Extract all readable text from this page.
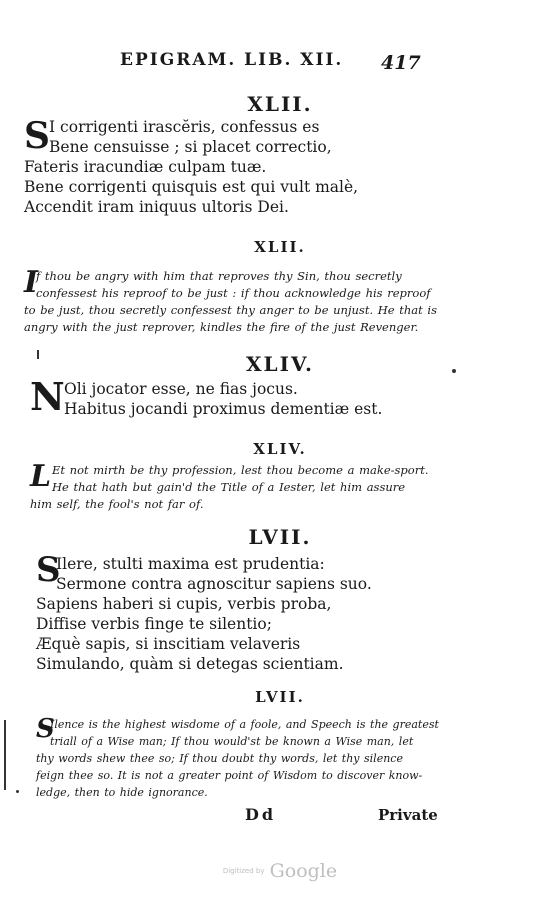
EPIGRAM. LIB. XII. 417
XLII.
S I corrigenti irascĕris, confessus es
Bene censuisse ; si placet correctio,
Fateris iracundiæ culpam tuæ.
Bene corrigenti quisquis est qui vult malè,
Accendit iram iniquus ultoris Dei.
XLII.
I
f thou be angry with him that reproves thy Sin, thou secretly
confessest his reproof to be just : if thou acknowledge his reproof
to be just, thou secretly confessest thy anger to be unjust. He that is
angry with the just reprover, kindles the fire of the just Revenger.
XLIV.
N Oli jocator esse, ne fias jocus.
Habitus jocandi proximus dementiæ est.
XLIV.
L Et not mirth be thy profession, lest thou become a make-sport.
He that hath but gain'd the Title of a Iester, let him assure
him self, the fool's not far of.
LVII.
S
Ilere, stulti maxima est prudentia:
Sermone contra agnoscitur sapiens suo.
Sapiens haberi si cupis, verbis proba,
Diffise verbis finge te silentio;
Æquè sapis, si inscitiam velaveris
Simulando, quàm si detegas scientiam.
LVII.
S
Ilence is the highest wisdome of a foole, and Speech is the greatest
triall of a Wise man; If thou would'st be known a Wise man, let
thy words shew thee so; If thou doubt thy words, let thy silence
feign thee so. It is not a greater point of Wisdom to discover know-
ledge, then to hide ignorance.
Dd	Private
Digitized by Google
